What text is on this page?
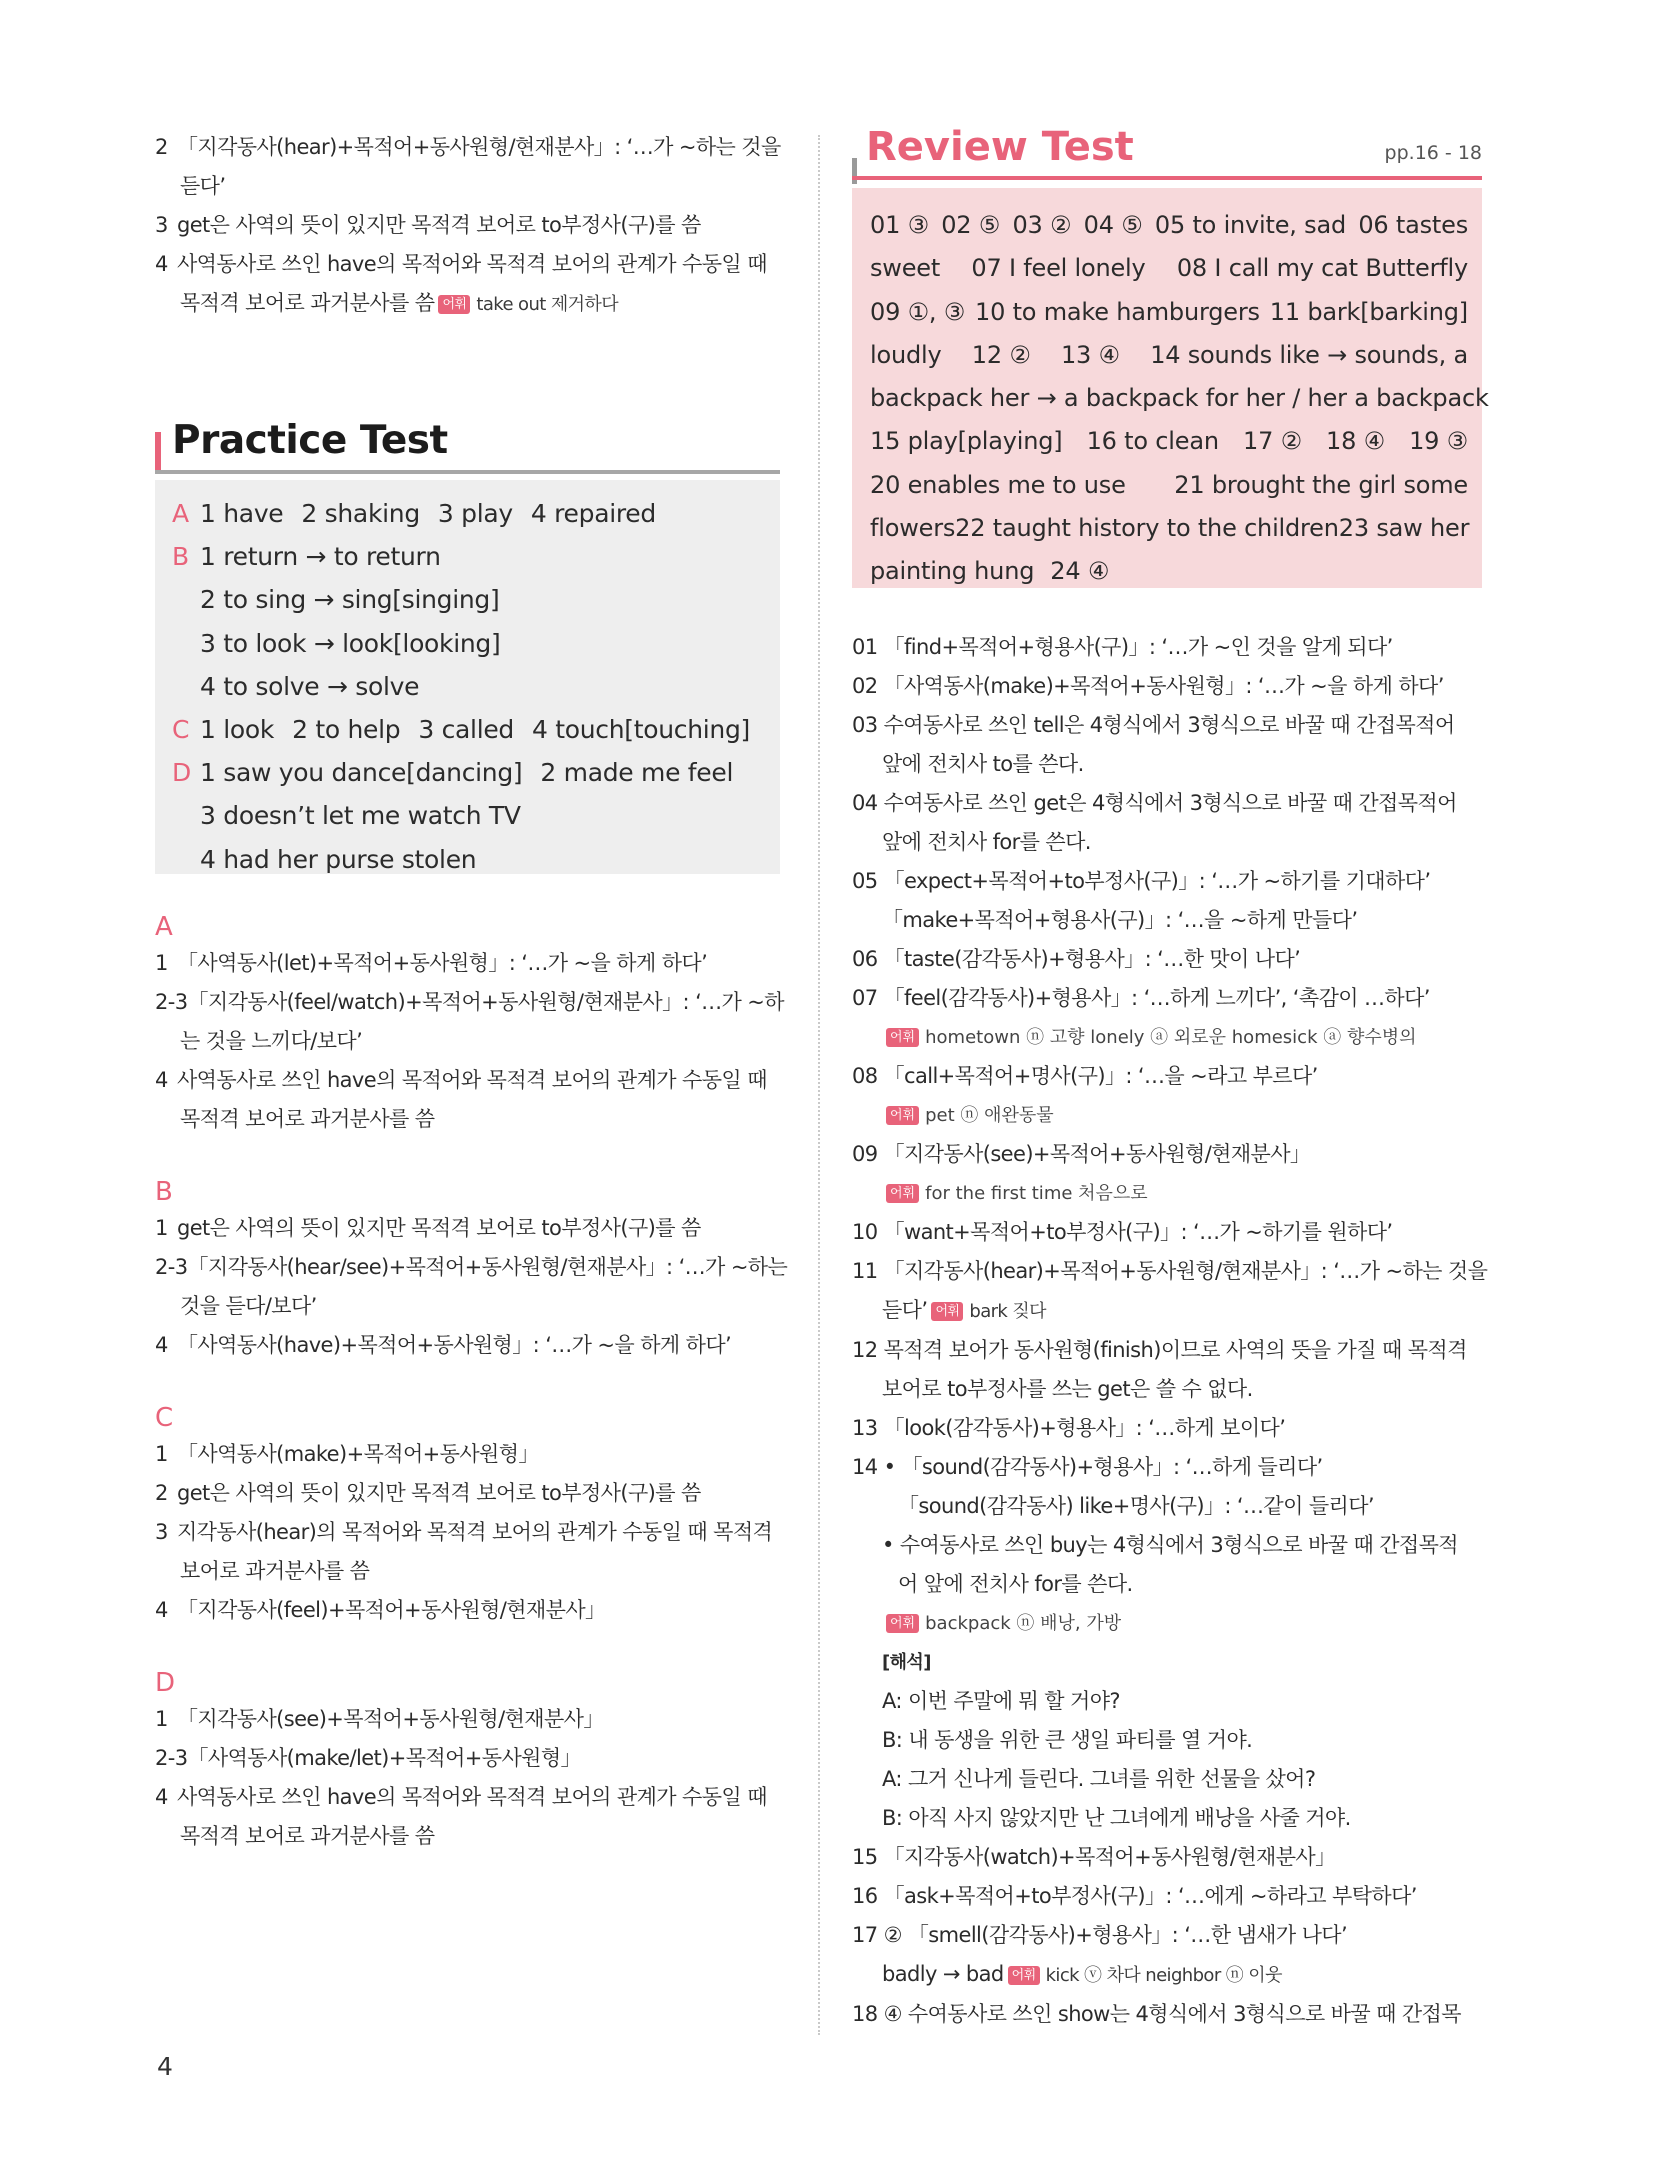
2「지각동사(hear)+목적어+동사원형/현재분사」: ‘…가 ~하는 것을
듣다’
3get은 사역의 뜻이 있지만 목적격 보어로 to부정사(구)를 씀
4사역동사로 쓰인 have의 목적어와 목적격 보어의 관계가 수동일 때
목적격 보어로 과거분사를 씀 어휘 take out 제거하다
Practice Test
A 1 have 2 shaking 3 play 4 repaired
B 1 return → to return
2 to sing → sing[singing]
3 to look → look[looking]
4 to solve → solve
C 1 look 2 to help 3 called 4 touch[touching]
D 1 saw you dance[dancing] 2 made me feel
3 doesn’t let me watch TV
4 had her purse stolen
A
1「사역동사(let)+목적어+동사원형」: ‘…가 ~을 하게 하다’
2-3「지각동사(feel/watch)+목적어+동사원형/현재분사」: ‘…가 ~하
는 것을 느끼다/보다’
4사역동사로 쓰인 have의 목적어와 목적격 보어의 관계가 수동일 때
목적격 보어로 과거분사를 씀
B
1get은 사역의 뜻이 있지만 목적격 보어로 to부정사(구)를 씀
2-3「지각동사(hear/see)+목적어+동사원형/현재분사」: ‘…가 ~하는
것을 듣다/보다’
4「사역동사(have)+목적어+동사원형」: ‘…가 ~을 하게 하다’
C
1「사역동사(make)+목적어+동사원형」
2get은 사역의 뜻이 있지만 목적격 보어로 to부정사(구)를 씀
3지각동사(hear)의 목적어와 목적격 보어의 관계가 수동일 때 목적격
보어로 과거분사를 씀
4「지각동사(feel)+목적어+동사원형/현재분사」
D
1「지각동사(see)+목적어+동사원형/현재분사」
2-3「사역동사(make/let)+목적어+동사원형」
4사역동사로 쓰인 have의 목적어와 목적격 보어의 관계가 수동일 때
목적격 보어로 과거분사를 씀
Review Test	pp.16 - 18
01 ③ 02 ⑤ 03 ② 04 ⑤ 05 to invite, sad 06 tastes
sweet 07 I feel lonely 08 I call my cat Butterfly
09 ①, ③ 10 to make hamburgers 11 bark[barking]
loudly 12 ② 13 ④ 14 sounds like → sounds, a
backpack her → a backpack for her / her a backpack
15 play[playing] 16 to clean 17 ② 18 ④ 19 ③
20 enables me to use 21 brought the girl some
flowers 22 taught history to the children 23 saw her
painting hung 24 ④
01 「find+목적어+형용사(구)」: ‘…가 ~인 것을 알게 되다’
02 「사역동사(make)+목적어+동사원형」: ‘…가 ~을 하게 하다’
03 수여동사로 쓰인 tell은 4형식에서 3형식으로 바꿀 때 간접목적어
앞에 전치사 to를 쓴다.
04 수여동사로 쓰인 get은 4형식에서 3형식으로 바꿀 때 간접목적어
앞에 전치사 for를 쓴다.
05 「expect+목적어+to부정사(구)」: ‘…가 ~하기를 기대하다’
「make+목적어+형용사(구)」: ‘…을 ~하게 만들다’
06 「taste(감각동사)+형용사」: ‘…한 맛이 나다’
07 「feel(감각동사)+형용사」: ‘…하게 느끼다’, ‘촉감이 …하다’
어휘 hometown ⓝ 고향 lonely ⓐ 외로운 homesick ⓐ 향수병의
08 「call+목적어+명사(구)」: ‘…을 ~라고 부르다’
어휘 pet ⓝ 애완동물
09 「지각동사(see)+목적어+동사원형/현재분사」
어휘 for the first time 처음으로
10 「want+목적어+to부정사(구)」: ‘…가 ~하기를 원하다’
11 「지각동사(hear)+목적어+동사원형/현재분사」: ‘…가 ~하는 것을
듣다’ 어휘 bark 짖다
12 목적격 보어가 동사원형(finish)이므로 사역의 뜻을 가질 때 목적격
보어로 to부정사를 쓰는 get은 쓸 수 없다.
13 「look(감각동사)+형용사」: ‘…하게 보이다’
14 • 「sound(감각동사)+형용사」: ‘…하게 들리다’
「sound(감각동사) like+명사(구)」: ‘…같이 들리다’
• 수여동사로 쓰인 buy는 4형식에서 3형식으로 바꿀 때 간접목적
어 앞에 전치사 for를 쓴다.
어휘 backpack ⓝ 배낭, 가방
[해석]
A: 이번 주말에 뭐 할 거야?
B: 내 동생을 위한 큰 생일 파티를 열 거야.
A: 그거 신나게 들린다. 그녀를 위한 선물을 샀어?
B: 아직 사지 않았지만 난 그녀에게 배낭을 사줄 거야.
15 「지각동사(watch)+목적어+동사원형/현재분사」
16 「ask+목적어+to부정사(구)」: ‘…에게 ~하라고 부탁하다’
17 ② 「smell(감각동사)+형용사」: ‘…한 냄새가 나다’
badly → bad 어휘 kick ⓥ 차다 neighbor ⓝ 이웃
18 ④ 수여동사로 쓰인 show는 4형식에서 3형식으로 바꿀 때 간접목
4
